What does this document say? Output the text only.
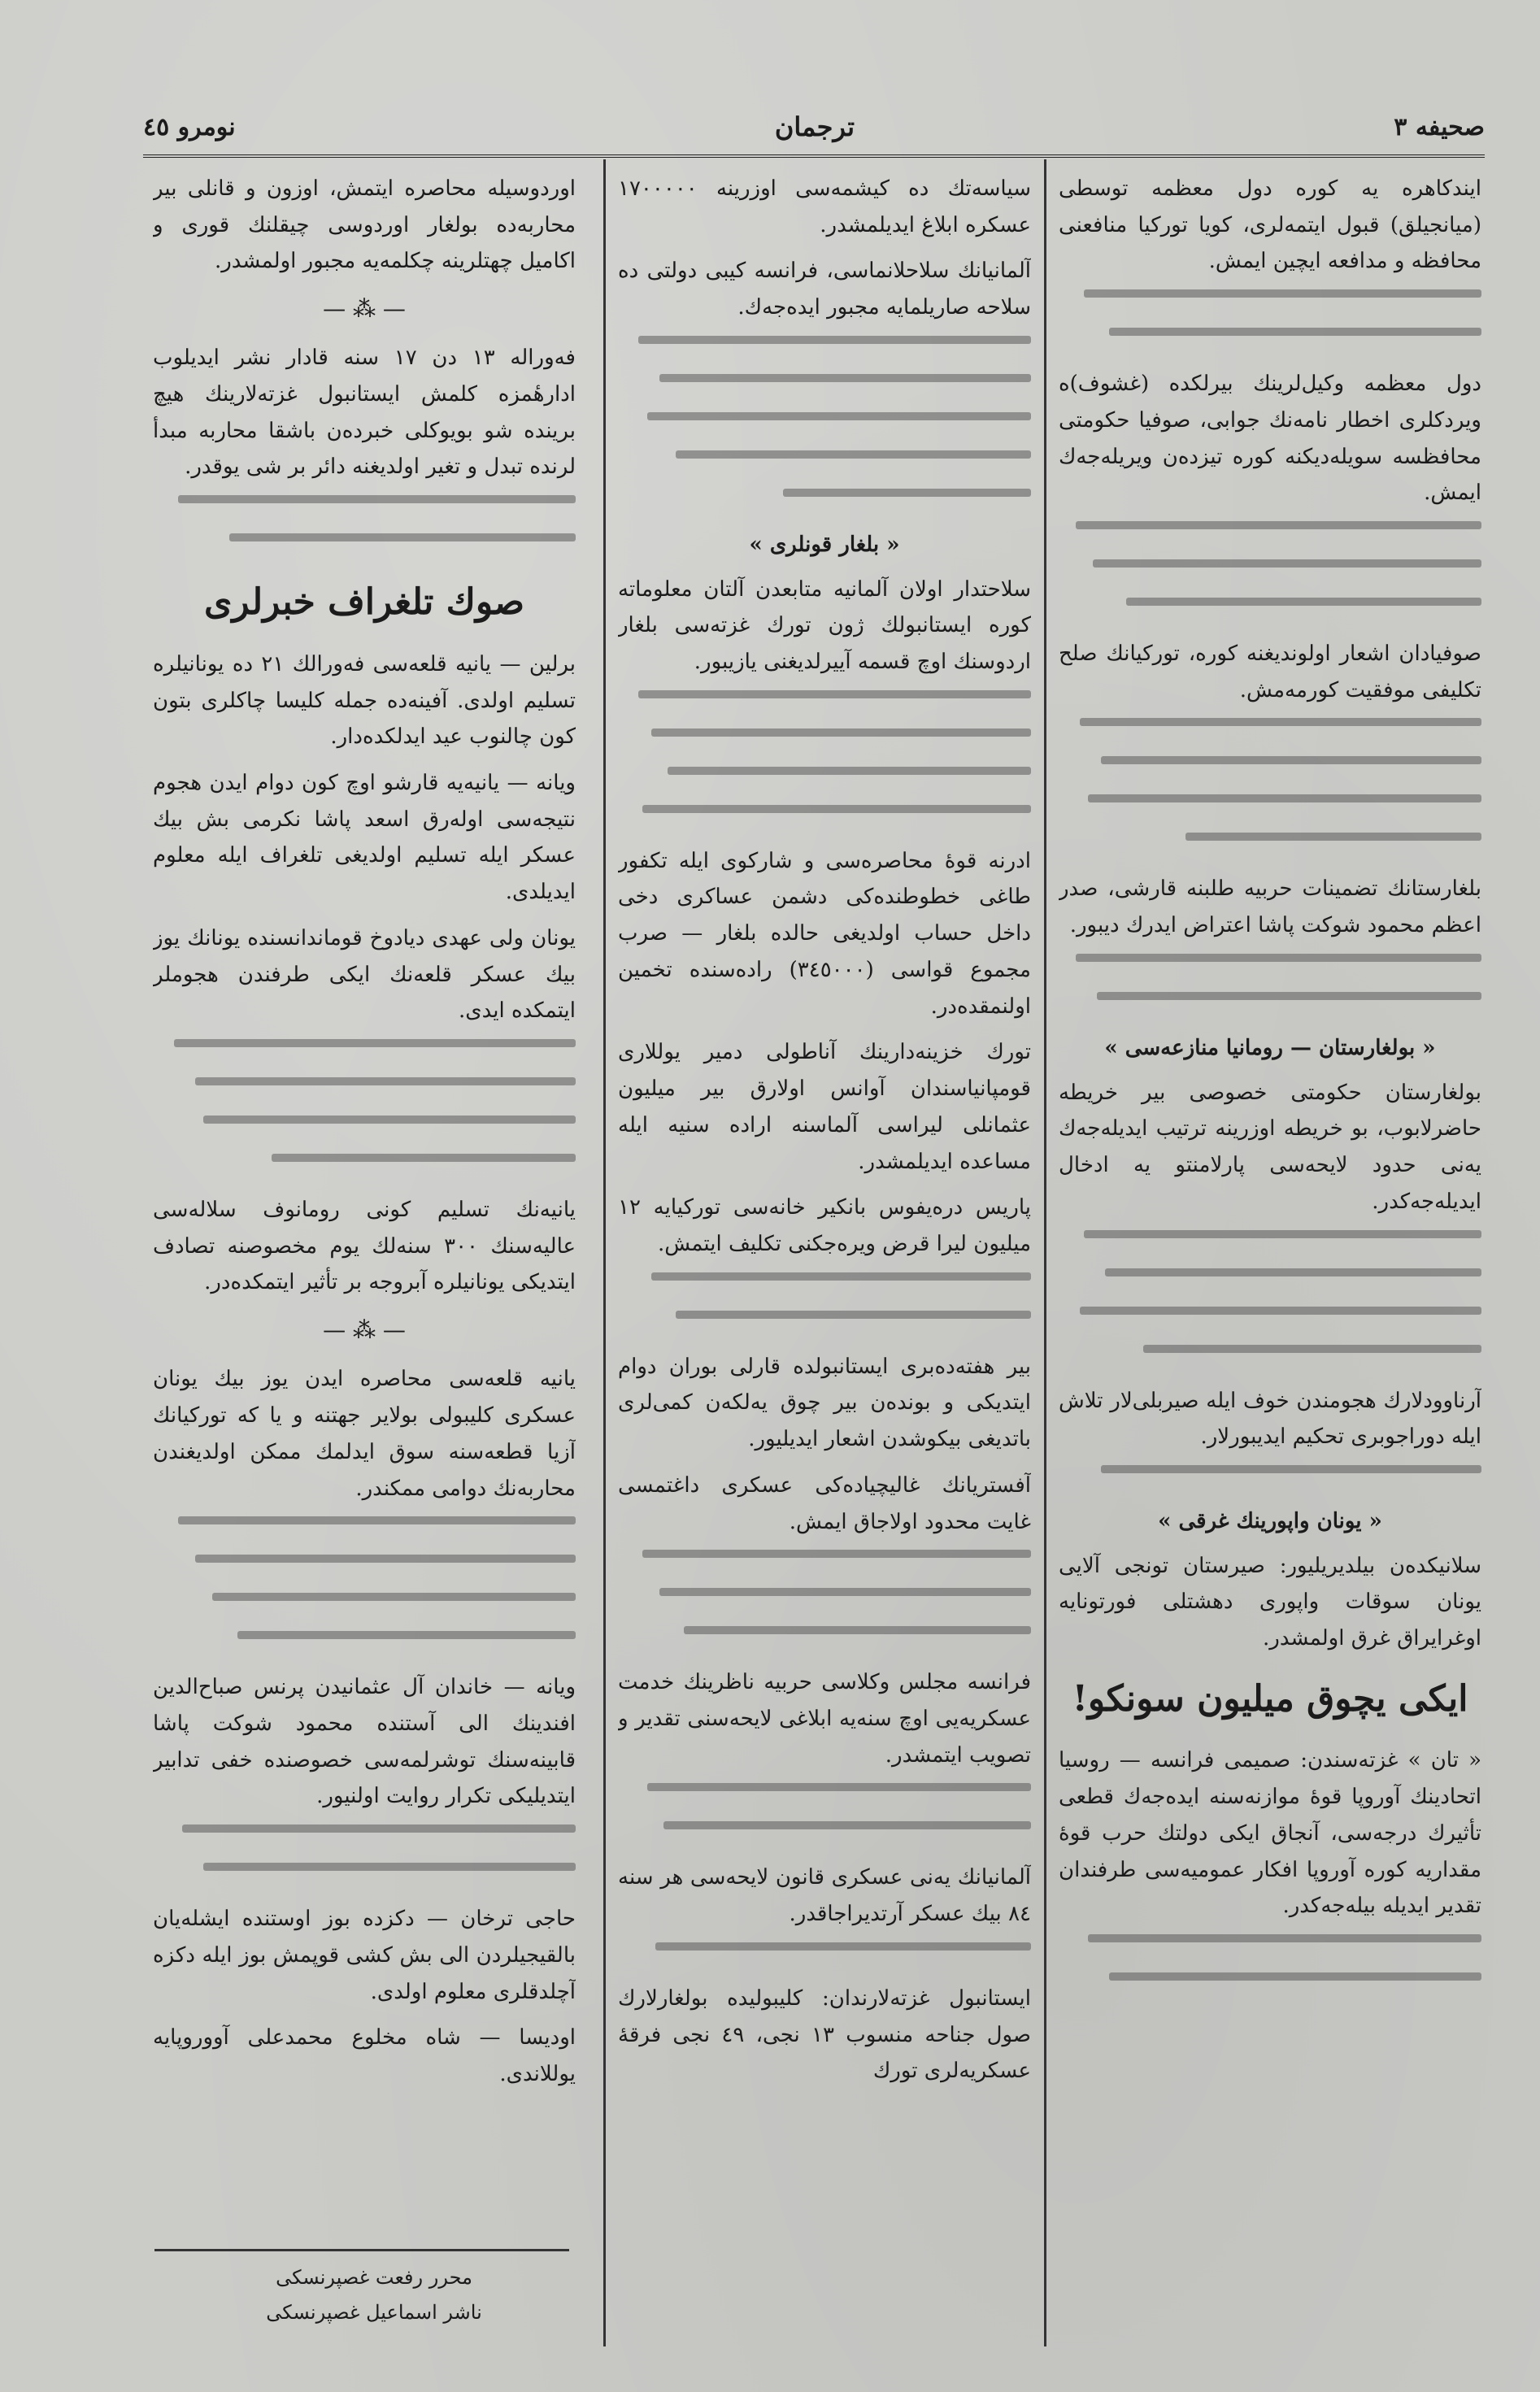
صحیفه ٣
ترجمان
نومرو ٤٥

ایندکاهره یه کوره دول معظمه توسطی (میانجیلق) قبول ایتمه‌لری، کویا تورکیا منافعنی محافظه و مدافعه ایچین ایمش.

دول معظمه وکیل‌لرینك بیرلکده (غشوف)ه ویردکلری اخطار نامه‌نك جوابی، صوفیا حکومتی محافظسه سویله‌دیکنه کوره تیزده‌ن ویریله‌جه‌ك ایمش.

صوفیادان اشعار اولوندیغنه کوره، تورکیانك صلح تکلیفی موفقیت کورمه‌مش.

بلغارستانك تضمینات حربیه طلبنه قارشی، صدر اعظم محمود شوکت پاشا اعتراض ایدرك دیبور.

« بولغارستان — رومانیا منازعه‌سی »

بولغارستان حکومتی خصوصی بیر خریطه حاضرلابوب، بو خریطه اوزرینه ترتیب ایدیله‌جه‌ك یه‌نی حدود لایحه‌سی پارلامنتو یه ادخال ایدیله‌جه‌کدر.

آرناوودلارك هجومندن خوف ایله صیربلی‌لار تلاش ایله دوراجوبری تحکیم ایدیبورلار.

« یونان واپورینك غرقی »

سلانیکده‌ن بیلدیریلیور: صیرستان تونجی آلایی یونان سوقات واپوری دهشتلی فورتونایه اوغرایراق غرق اولمشدر.

ایکی یچوق میلیون سونکو!

« تان » غزته‌سندن: صمیمی فرانسه — روسیا اتحادینك آوروپا قوهٔ موازنه‌سنه ایده‌جه‌ك قطعی تأثیرك درجه‌سی، آنجاق ایکی دولتك حرب قوهٔ مقداریه کوره آوروپا افکار عمومیه‌سی طرفندان تقدیر ایدیله بیله‌جه‌کدر.

سیاسه‌تك ده کیشمه‌سی اوزرینه ١٧٠٠٠٠٠ عسکره ابلاغ ایدیلمشدر.

آلمانیانك سلاحلانماسی، فرانسه کیبی دولتی ده سلاحه صاریلمایه مجبور ایده‌جه‌ك.

« بلغار قونلری »

سلاحتدار اولان آلمانیه متابعدن آلتان معلوماته کوره ایستانبولك ژون تورك غزته‌سی بلغار اردوسنك اوچ قسمه آییرلدیغنی یازیبور.

ادرنه قوهٔ محاصره‌سی و شارکوی ایله تکفور طاغی خطوطنده‌کی دشمن عساکری دخی داخل حساب اولدیغی حالده بلغار — صرب مجموع قواسی (٣٤٥٠٠٠) راده‌سنده تخمین اولنمقده‌در.

تورك خزینه‌دارینك آناطولی دمیر یوللاری قومپانیاسندان آوانس اولارق بیر میلیون عثمانلی لیراسی آلماسنه اراده سنیه ایله مساعده ایدیلمشدر.

پاریس دره‌یفوس بانکیر خانه‌سی تورکیایه ١٢ میلیون لیرا قرض ویره‌جکنی تکلیف ایتمش.

بیر هفته‌ده‌بری ایستانبولده قارلی بوران دوام ایتدیکی و بونده‌ن بیر چوق یه‌لکه‌ن کمی‌لری باتدیغی بیکوشدن اشعار ایدیلیور.

آفستریانك غالیچیاده‌کی عسکری داغتمسی غایت محدود اولاجاق ایمش.

فرانسه مجلس وکلاسی حربیه ناظرینك خدمت عسکریه‌یی اوچ سنه‌یه ابلاغی لایحه‌سنی تقدیر و تصویب ایتمشدر.

آلمانیانك یه‌نی عسکری قانون لایحه‌سی هر سنه ٨٤ بیك عسکر آرتدیراجاقدر.

ایستانبول غزته‌لارندان: کلیبولیده بولغارلارك صول جناحه منسوب ١٣ نجی، ٤٩ نجی فرقهٔ عسکریه‌لری تورك

اوردوسیله محاصره ایتمش، اوزون و قانلی بیر محاربه‌ده بولغار اوردوسی چیقلنك قوری و اکامیل چهتلرینه چکلمه‌یه مجبور اولمشدر.

— ⁂ —

فه‌وراله ١٣ دن ١٧ سنه قادار نشر ایدیلوب ادارهٔمزه کلمش ایستانبول غزته‌لارینك هیچ برینده شو بویوکلی خبرده‌ن باشقا محاربه مبدأ لرنده تبدل و تغیر اولدیغنه دائر بر شی یوقدر.

صوك تلغراف خبرلری

برلین — یانیه قلعه‌سی فه‌ورالك ٢١ ده یونانیلره تسلیم اولدی. آفینه‌ده جمله کلیسا چاکلری بتون کون چالنوب عید ایدلکده‌دار.

ویانه — یانیه‌یه قارشو اوچ کون دوام ایدن هجوم نتیجه‌سی اوله‌رق اسعد پاشا نکرمی بش بیك عسکر ایله تسلیم اولدیغی تلغراف ایله معلوم ایدیلدی.

یونان ولی عهدی دیادوخ قوماندانسنده یونانك یوز بیك عسکر قلعه‌نك ایکی طرفندن هجوملر ایتمکده ایدی.

یانیه‌نك تسلیم کونی رومانوف سلاله‌سی عالیه‌سنك ٣٠٠ سنه‌لك یوم مخصوصنه تصادف ایتدیکی یونانیلره آبروجه بر تأثیر ایتمکده‌در.

— ⁂ —

یانیه قلعه‌سی محاصره ایدن یوز بیك یونان عسکری کلیبولی بولایر جهتنه و یا که تورکیانك آزیا قطعه‌سنه سوق ایدلمك ممکن اولدیغندن محاربه‌نك دوامی ممکندر.

ویانه — خاندان آل عثمانیدن پرنس صباح‌الدین افندینك الی آستنده محمود شوکت پاشا قابینه‌سنك توشرلمه‌سی خصوصنده خفی تدابیر ایتدیلیکی تکرار روایت اولنیور.

حاجی ترخان — دکزده بوز اوستنده ایشله‌یان بالقیجیلردن الی بش کشی قوپمش بوز ایله دکزه آچلدقلری معلوم اولدی.

اودیسا — شاه مخلوع محمدعلی آووروپایه یوللاندی.

محرر رفعت غصپرنسکی
ناشر اسماعیل غصپرنسکی
